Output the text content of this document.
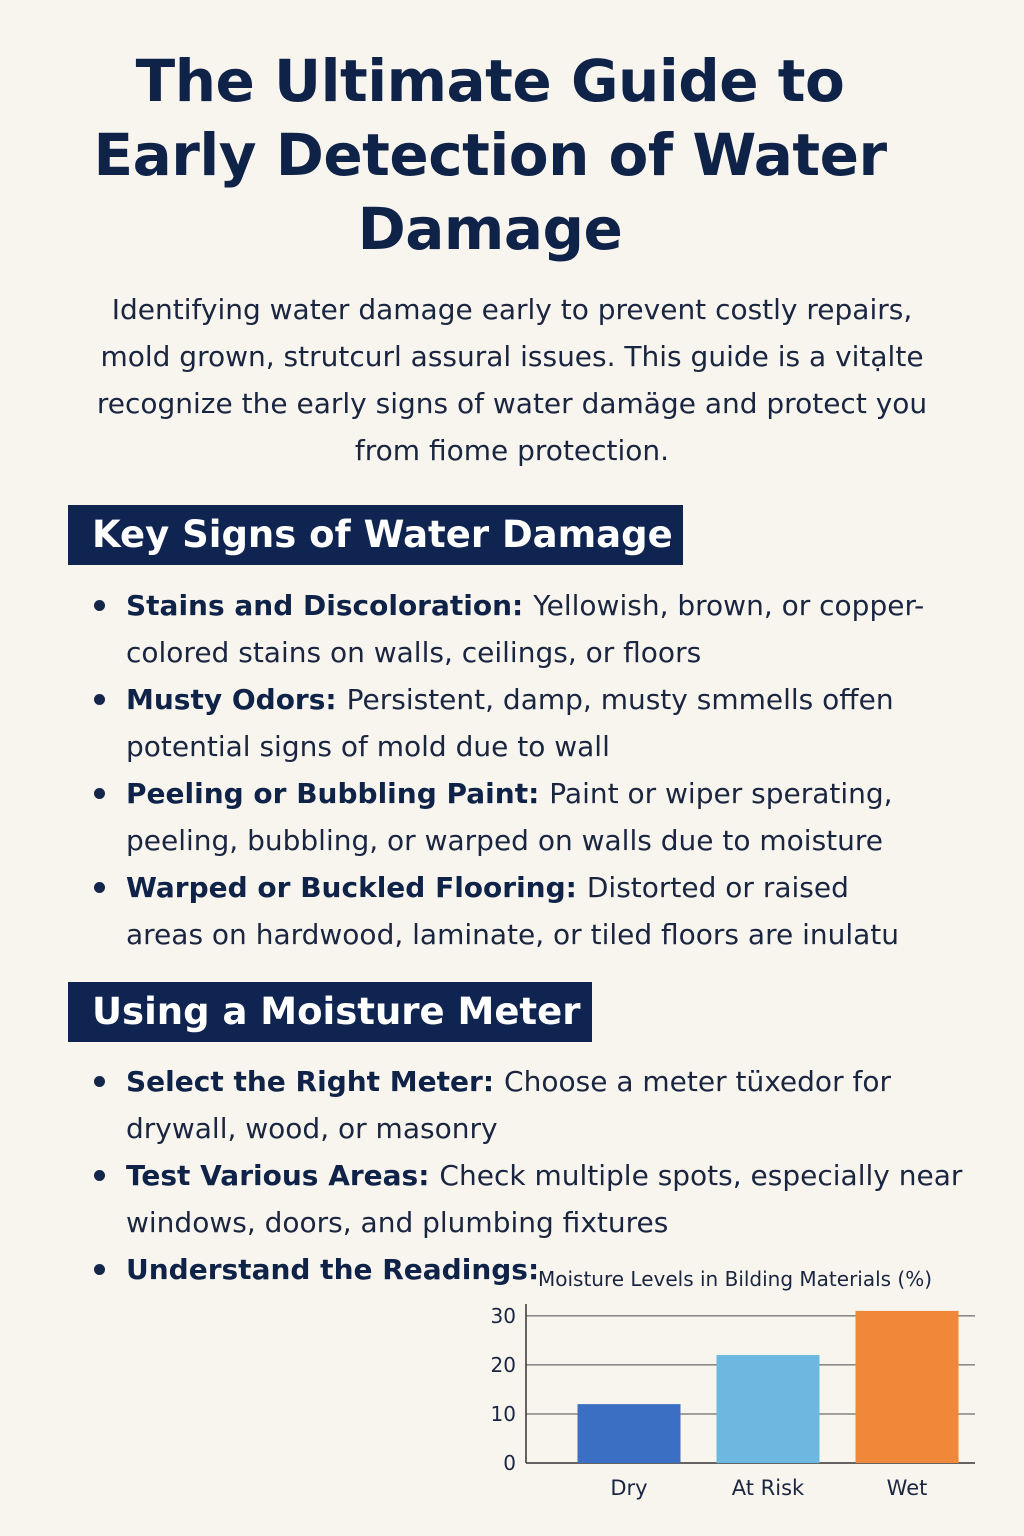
The Ultimate Guide to
Early Detection of Water
Damage
Identifying water damage early to prevent costly repairs,
mold grown, strutcurl assural issues. This guide is a vitạlte
recognize the early signs of water damäge and protect you
from fiome protection.
Key Signs of Water Damage
Stains and Discoloration: Yellowish, brown, or copper-
colored stains on walls, ceilings, or floors
Musty Odors: Persistent, damp, musty smmells offen
potential signs of mold due to wall
Peeling or Bubbling Paint: Paint or wiper sperating,
peeling, bubbling, or warped on walls due to moisture
Warped or Buckled Flooring: Distorted or raised
areas on hardwood, laminate, or tiled floors are inulatu
Using a Moisture Meter
Select the Right Meter: Choose a meter tüxedor for
drywall, wood, or masonry
Test Various Areas: Check multiple spots, especially near
windows, doors, and plumbing fixtures
Understand the Readings:
Moisture Levels in Bilding Materials (%)
0
10
20
30
Dry	At Risk	Wet
